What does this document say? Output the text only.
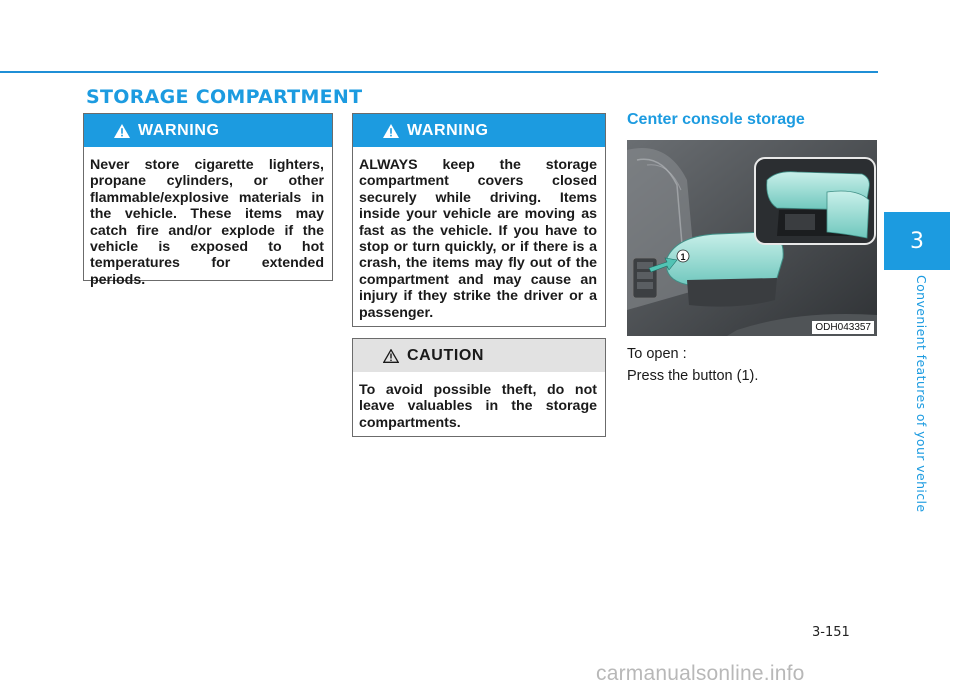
STORAGE COMPARTMENT
WARNING
Never store cigarette lighters, propane cylinders, or other flammable/explosive materials in the vehicle. These items may catch fire and/or explode if the vehicle is exposed to hot temperatures for extended periods.
WARNING
ALWAYS keep the storage compartment covers closed securely while driving. Items inside your vehicle are moving as fast as the vehicle. If you have to stop or turn quickly, or if there is a crash, the items may fly out of the compartment and may cause an injury if they strike the driver or a passenger.
CAUTION
To avoid possible theft, do not leave valuables in the storage compartments.
Center console storage
1
ODH043357
To open :
Press the button (1).
3
Convenient features of your vehicle
3-151
carmanualsonline.info
